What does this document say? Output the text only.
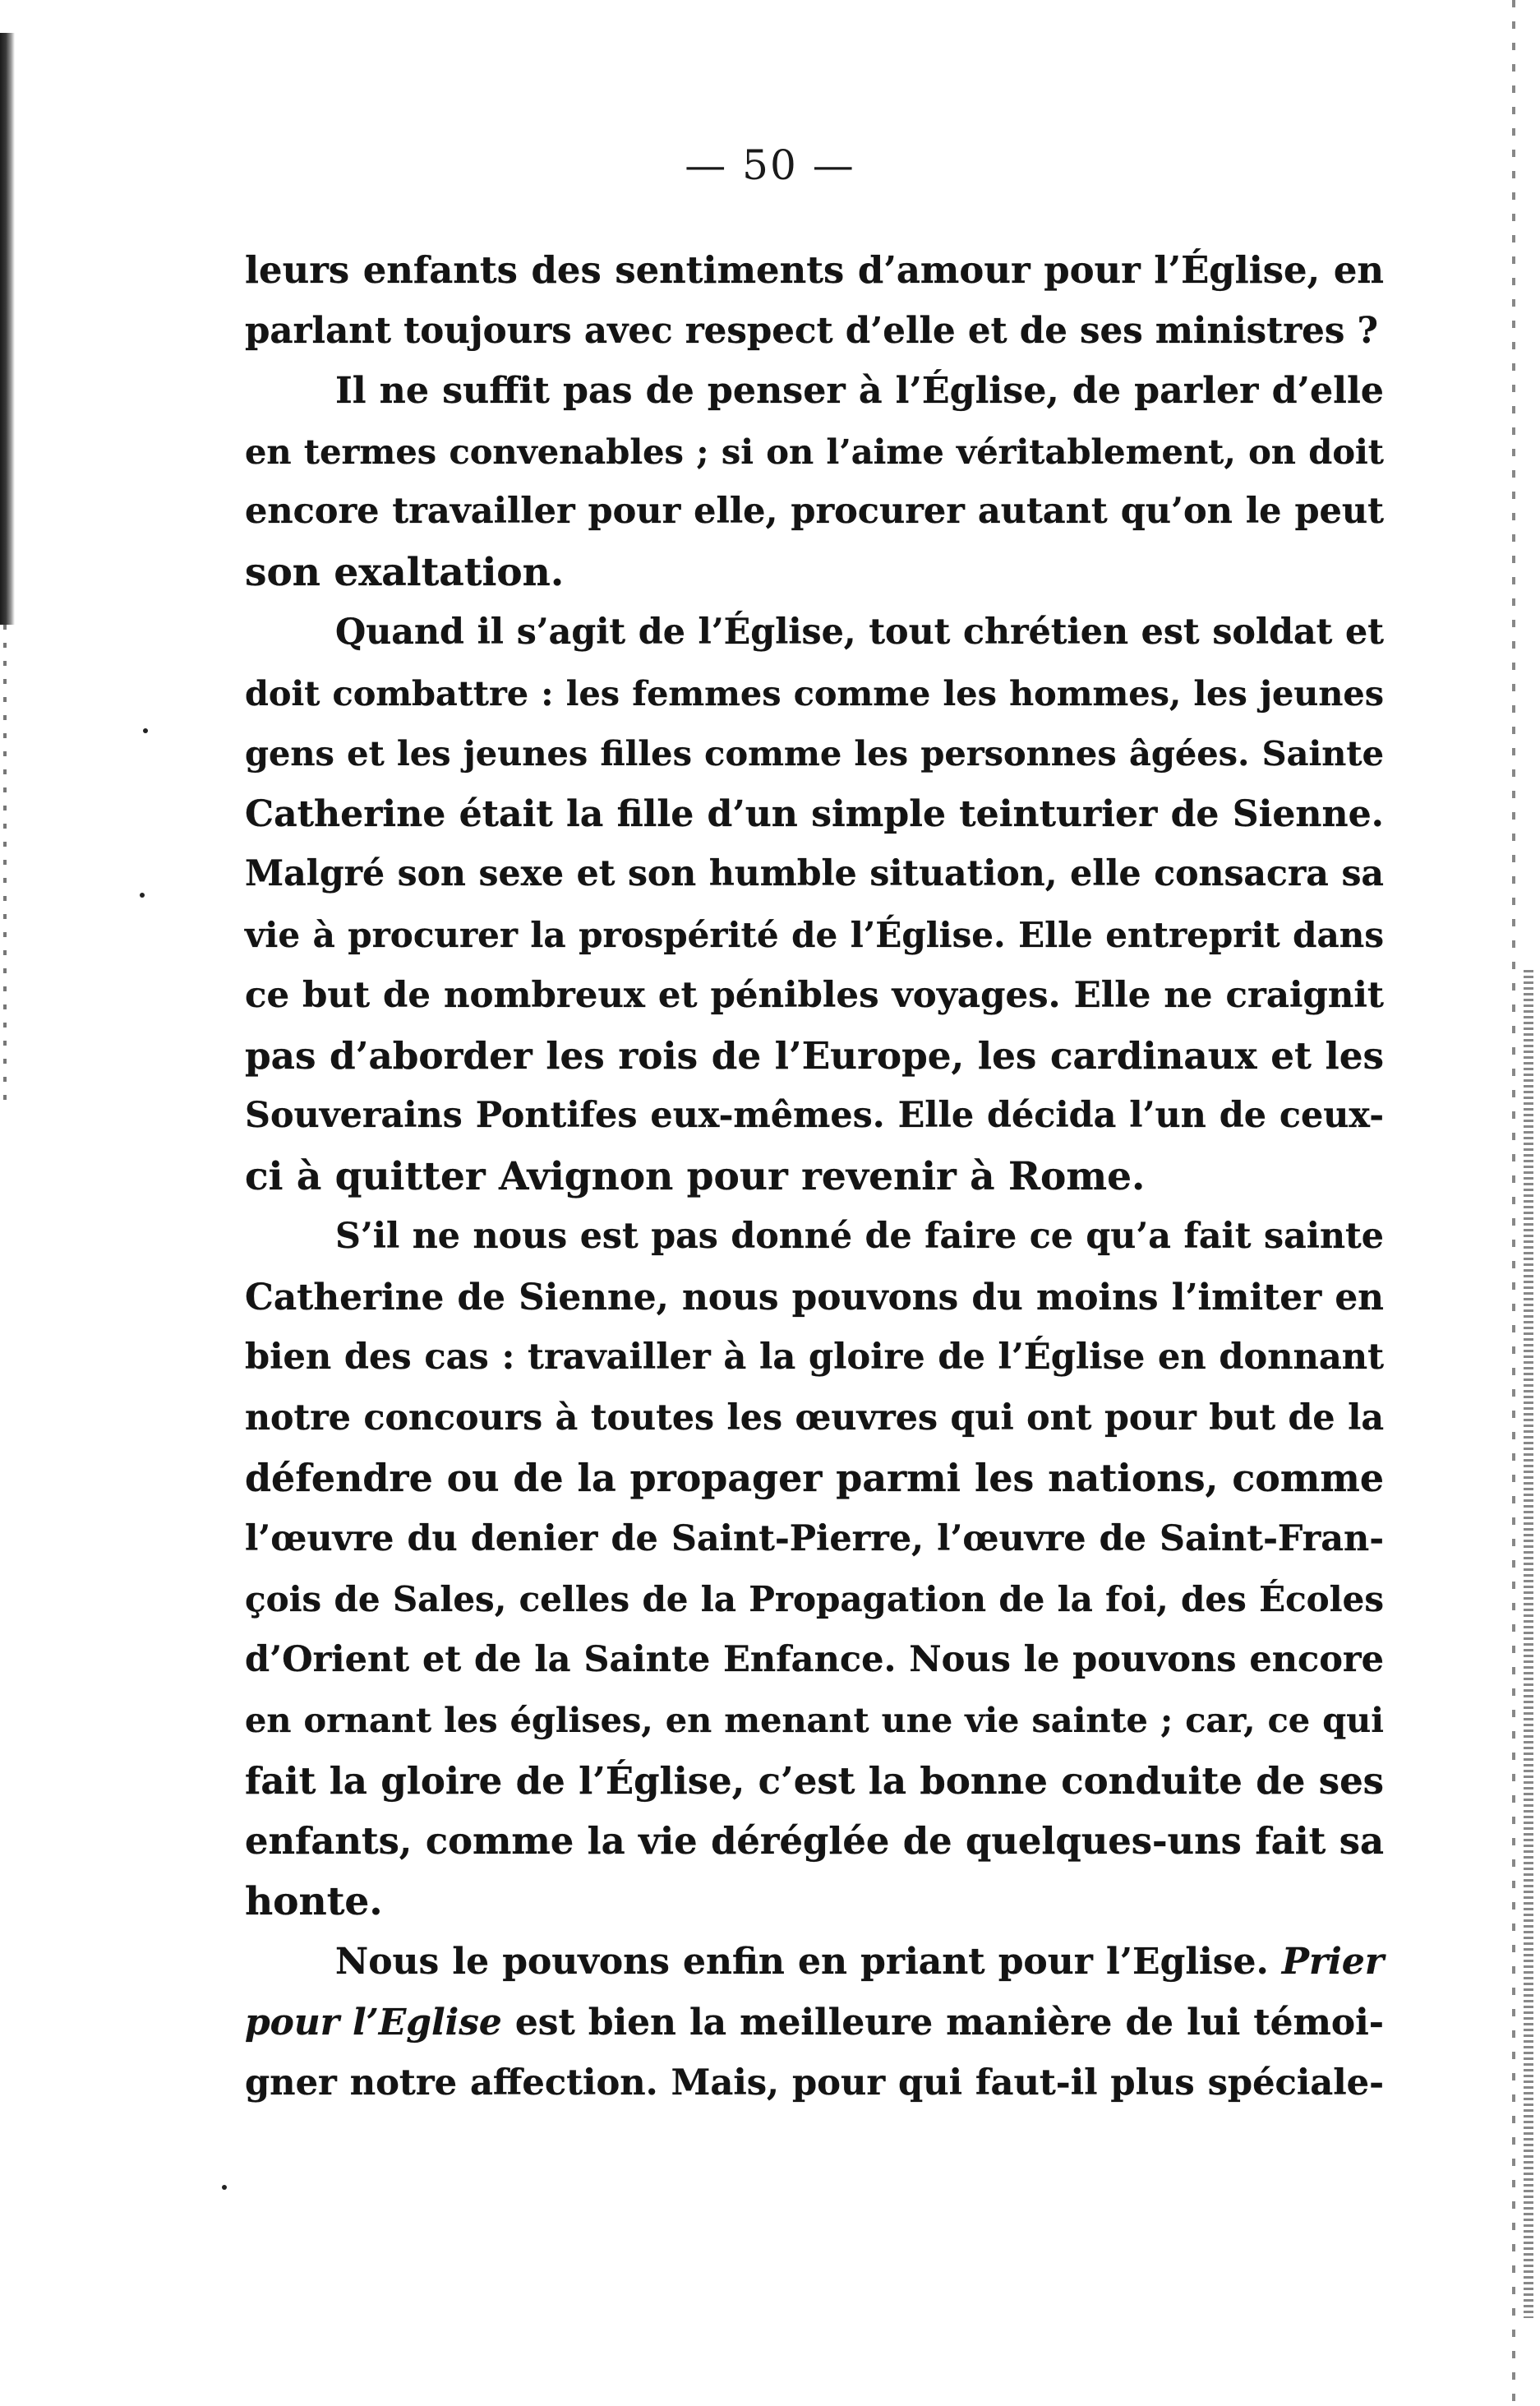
— 50 —
leurs enfants des sentiments d’amour pour l’Église, en
parlant toujours avec respect d’elle et de ses ministres ?
Il ne suffit pas de penser à l’Église, de parler d’elle
en termes convenables ; si on l’aime véritablement, on doit
encore travailler pour elle, procurer autant qu’on le peut
son exaltation.
Quand il s’agit de l’Église, tout chrétien est soldat et
doit combattre : les femmes comme les hommes, les jeunes
gens et les jeunes filles comme les personnes âgées. Sainte
Catherine était la fille d’un simple teinturier de Sienne.
Malgré son sexe et son humble situation, elle consacra sa
vie à procurer la prospérité de l’Église. Elle entreprit dans
ce but de nombreux et pénibles voyages. Elle ne craignit
pas d’aborder les rois de l’Europe, les cardinaux et les
Souverains Pontifes eux-mêmes. Elle décida l’un de ceux-
ci à quitter Avignon pour revenir à Rome.
S’il ne nous est pas donné de faire ce qu’a fait sainte
Catherine de Sienne, nous pouvons du moins l’imiter en
bien des cas : travailler à la gloire de l’Église en donnant
notre concours à toutes les œuvres qui ont pour but de la
défendre ou de la propager parmi les nations, comme
l’œuvre du denier de Saint-Pierre, l’œuvre de Saint-Fran-
çois de Sales, celles de la Propagation de la foi, des Écoles
d’Orient et de la Sainte Enfance. Nous le pouvons encore
en ornant les églises, en menant une vie sainte ; car, ce qui
fait la gloire de l’Église, c’est la bonne conduite de ses
enfants, comme la vie déréglée de quelques-uns fait sa
honte.
Nous le pouvons enfin en priant pour l’Eglise. Prier
pour l’Eglise est bien la meilleure manière de lui témoi-
gner notre affection. Mais, pour qui faut-il plus spéciale-
